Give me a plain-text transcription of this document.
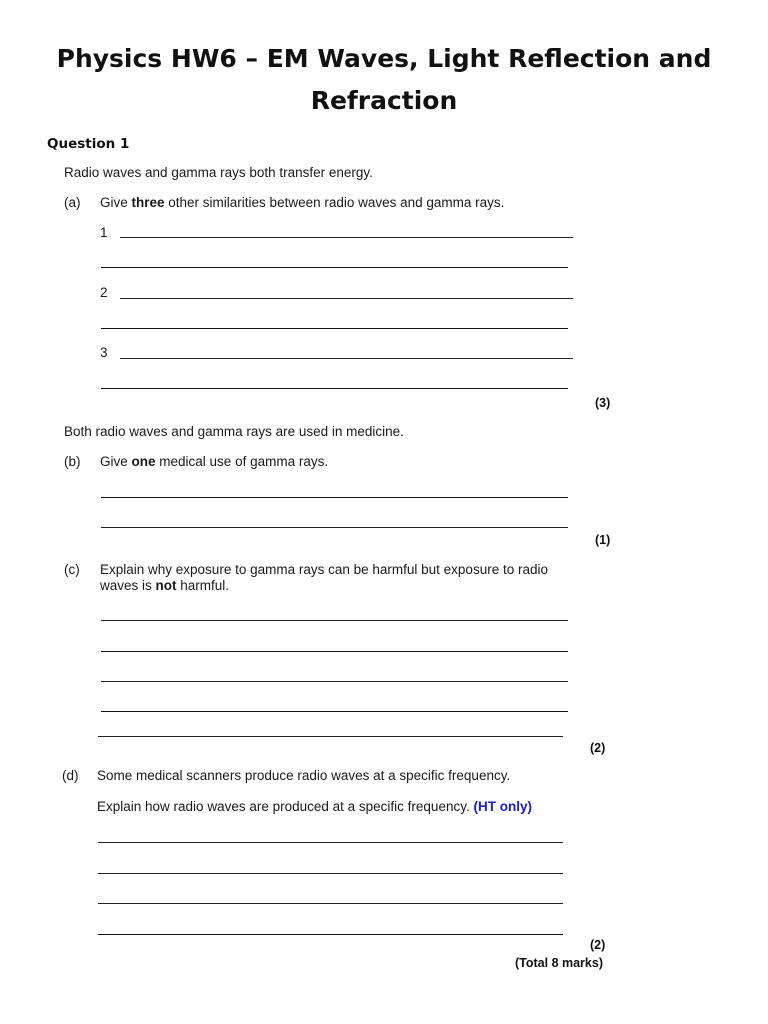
Physics HW6 – EM Waves, Light Reflection and
Refraction
Question 1
Radio waves and gamma rays both transfer energy.
(a) Give three other similarities between radio waves and gamma rays.
1
2
3
(3)
Both radio waves and gamma rays are used in medicine.
(b) Give one medical use of gamma rays.
(1)
(c) Explain why exposure to gamma rays can be harmful but exposure to radio
waves is not harmful.
(2)
(d) Some medical scanners produce radio waves at a specific frequency.
Explain how radio waves are produced at a specific frequency. (HT only)
(2)
(Total 8 marks)
